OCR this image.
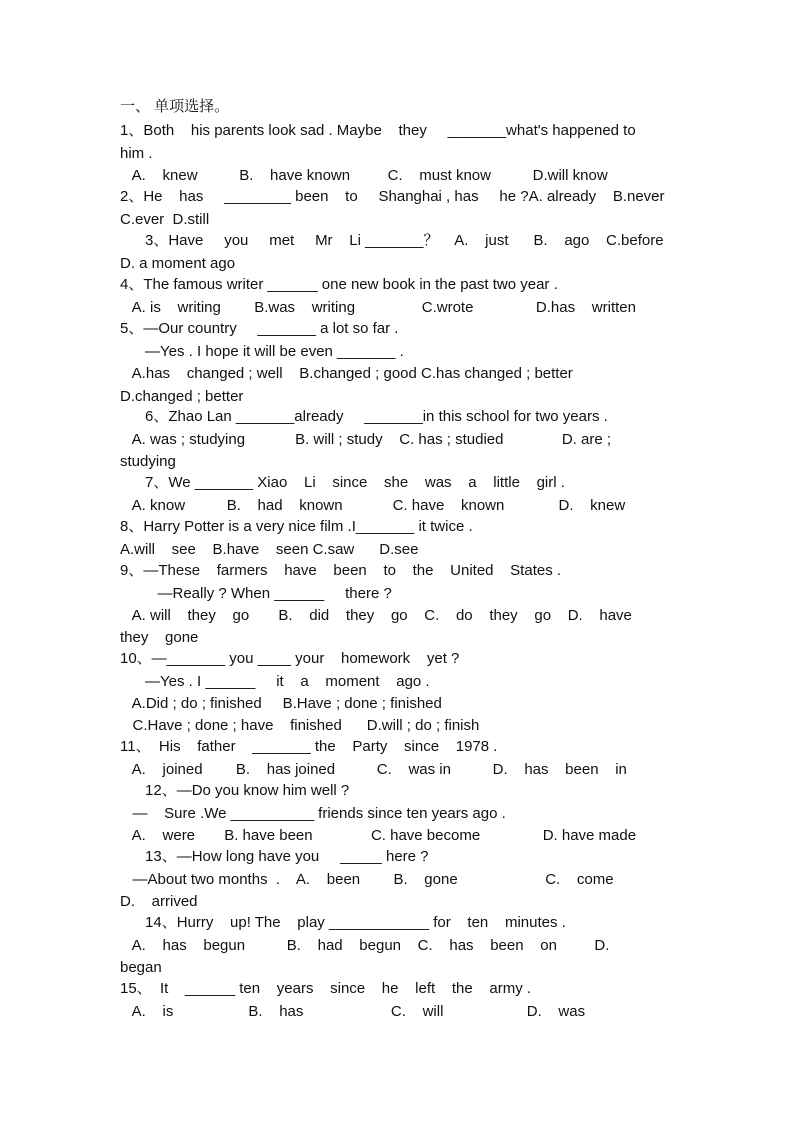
一、 单项选择。
1、Both    his parents look sad . Maybe    they     _______what's happened to
him .
A.    knew          B.    have known         C.    must know          D.will know
2、He    has     ________ been    to     Shanghai , has     he ?A. already    B.never
C.ever  D.still
3、Have     you     met     Mr    Li _______？    A.    just      B.    ago    C.before
D. a moment ago
4、The famous writer ______ one new book in the past two year .
A. is    writing        B.was    writing                C.wrote               D.has    written
5、—Our country     _______ a lot so far .
—Yes . I hope it will be even _______ .
A.has    changed ; well    B.changed ; good C.has changed ; better
D.changed ; better
6、Zhao Lan _______already     _______in this school for two years .
A. was ; studying            B. will ; study    C. has ; studied              D. are ;
studying
7、We _______ Xiao    Li    since    she    was    a    little    girl .
A. know          B.    had    known            C. have    known             D.    knew
8、Harry Potter is a very nice film .I_______ it twice .
A.will    see    B.have    seen C.saw      D.see
9、—These    farmers    have    been    to    the    United    States .
—Really ? When ______     there ?
A. will    they    go       B.    did    they    go    C.    do    they    go    D.    have
they    gone
10、—_______ you ____ your    homework    yet ?
—Yes . I ______     it    a    moment    ago .
A.Did ; do ; finished     B.Have ; done ; finished
C.Have ; done ; have    finished      D.will ; do ; finish
11、  His    father    _______ the    Party    since    1978 .
A.    joined        B.    has joined          C.    was in          D.    has    been    in
12、—Do you know him well ?
—    Sure .We __________ friends since ten years ago .
A.    were       B. have been              C. have become               D. have made
13、—How long have you     _____ here ?
—About two months  .    A.    been        B.    gone                     C.    come
D.    arrived
14、Hurry    up! The    play ____________ for    ten    minutes .
A.    has    begun          B.    had    begun    C.    has    been    on         D.
began
15、  It    ______ ten    years    since    he    left    the    army .
A.    is                  B.    has                     C.    will                    D.    was
